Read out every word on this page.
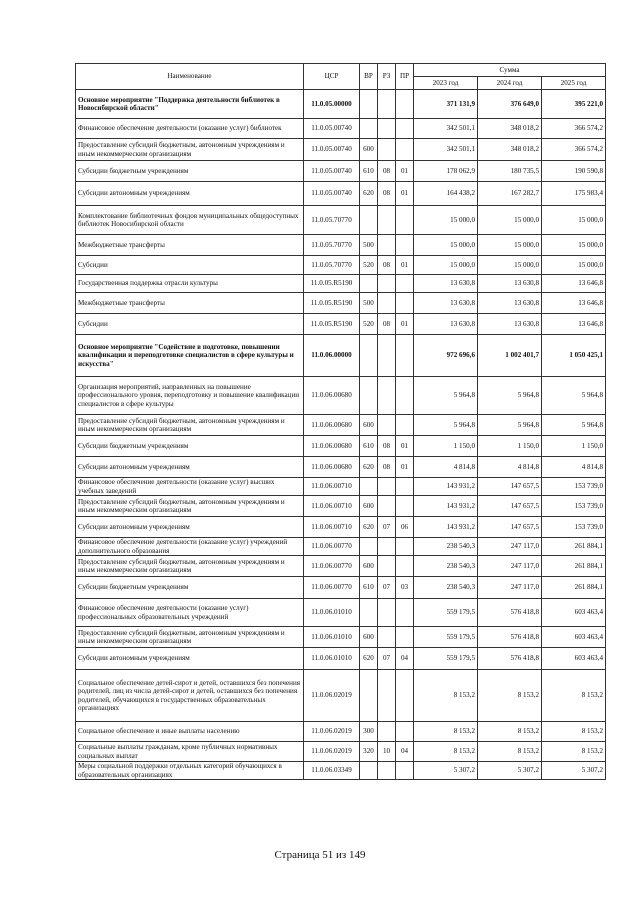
Наименование	ЦСР	ВР	РЗ	ПР	Сумма		
					2023 год	2024 год	2025 год
Основное мероприятие "Поддержка деятельности библиотек в Новосибирской области"	11.0.05.00000				371 131,9	376 649,0	395 221,0
Финансовое обеспечение деятельности (оказание услуг) библиотек	11.0.05.00740				342 501,1	348 018,2	366 574,2
Предоставление субсидий бюджетным, автономным учреждениям и иным некоммерческим организациям	11.0.05.00740	600			342 501,1	348 018,2	366 574,2
Субсидии бюджетным учреждениям	11.0.05.00740	610	08	01	178 062,9	180 735,5	190 590,8
Субсидии автономным учреждениям	11.0.05.00740	620	08	01	164 438,2	167 282,7	175 983,4
Комплектование библиотечных фондов муниципальных общедоступных библиотек Новосибирской области	11.0.05.70770				15 000,0	15 000,0	15 000,0
Межбюджетные трансферты	11.0.05.70770	500			15 000,0	15 000,0	15 000,0
Субсидии	11.0.05.70770	520	08	01	15 000,0	15 000,0	15 000,0
Государственная поддержка отрасли культуры	11.0.05.R5190				13 630,8	13 630,8	13 646,8
Межбюджетные трансферты	11.0.05.R5190	500			13 630,8	13 630,8	13 646,8
Субсидии	11.0.05.R5190	520	08	01	13 630,8	13 630,8	13 646,8
Основное мероприятие "Содействие в подготовке, повышении квалификации и переподготовке специалистов в сфере культуры и искусства"	11.0.06.00000				972 696,6	1 002 401,7	1 050 425,1
Организация мероприятий, направленных на повышение профессионального уровня, переподготовку и повышение квалификации специалистов в сфере культуры	11.0.06.00680				5 964,8	5 964,8	5 964,8
Предоставление субсидий бюджетным, автономным учреждениям и иным некоммерческим организациям	11.0.06.00680	600			5 964,8	5 964,8	5 964,8
Субсидии бюджетным учреждениям	11.0.06.00680	610	08	01	1 150,0	1 150,0	1 150,0
Субсидии автономным учреждениям	11.0.06.00680	620	08	01	4 814,8	4 814,8	4 814,8
Финансовое обеспечение деятельности (оказание услуг) высших учебных заведений	11.0.06.00710				143 931,2	147 657,5	153 739,0
Предоставление субсидий бюджетным, автономным учреждениям и иным некоммерческим организациям	11.0.06.00710	600			143 931,2	147 657,5	153 739,0
Субсидии автономным учреждениям	11.0.06.00710	620	07	06	143 931,2	147 657,5	153 739,0
Финансовое обеспечение деятельности (оказание услуг) учреждений дополнительного образования	11.0.06.00770				238 540,3	247 117,0	261 884,1
Предоставление субсидий бюджетным, автономным учреждениям и иным некоммерческим организациям	11.0.06.00770	600			238 540,3	247 117,0	261 884,1
Субсидии бюджетным учреждениям	11.0.06.00770	610	07	03	238 540,3	247 117,0	261 884,1
Финансовое обеспечение деятельности (оказание услуг) профессиональных образовательных учреждений	11.0.06.01010				559 179,5	576 418,8	603 463,4
Предоставление субсидий бюджетным, автономным учреждениям и иным некоммерческим организациям	11.0.06.01010	600			559 179,5	576 418,8	603 463,4
Субсидии автономным учреждениям	11.0.06.01010	620	07	04	559 179,5	576 418,8	603 463,4
Социальное обеспечение детей-сирот и детей, оставшихся без попечения родителей, лиц из числа детей-сирот и детей, оставшихся без попечения родителей, обучающихся в государственных образовательных организациях	11.0.06.02019				8 153,2	8 153,2	8 153,2
Социальное обеспечение и иные выплаты населению	11.0.06.02019	300			8 153,2	8 153,2	8 153,2
Социальные выплаты гражданам, кроме публичных нормативных социальных выплат	11.0.06.02019	320	10	04	8 153,2	8 153,2	8 153,2
Меры социальной поддержки отдельных категорий обучающихся в образовательных организациях	11.0.06.03349				5 307,2	5 307,2	5 307,2
Страница 51 из 149
